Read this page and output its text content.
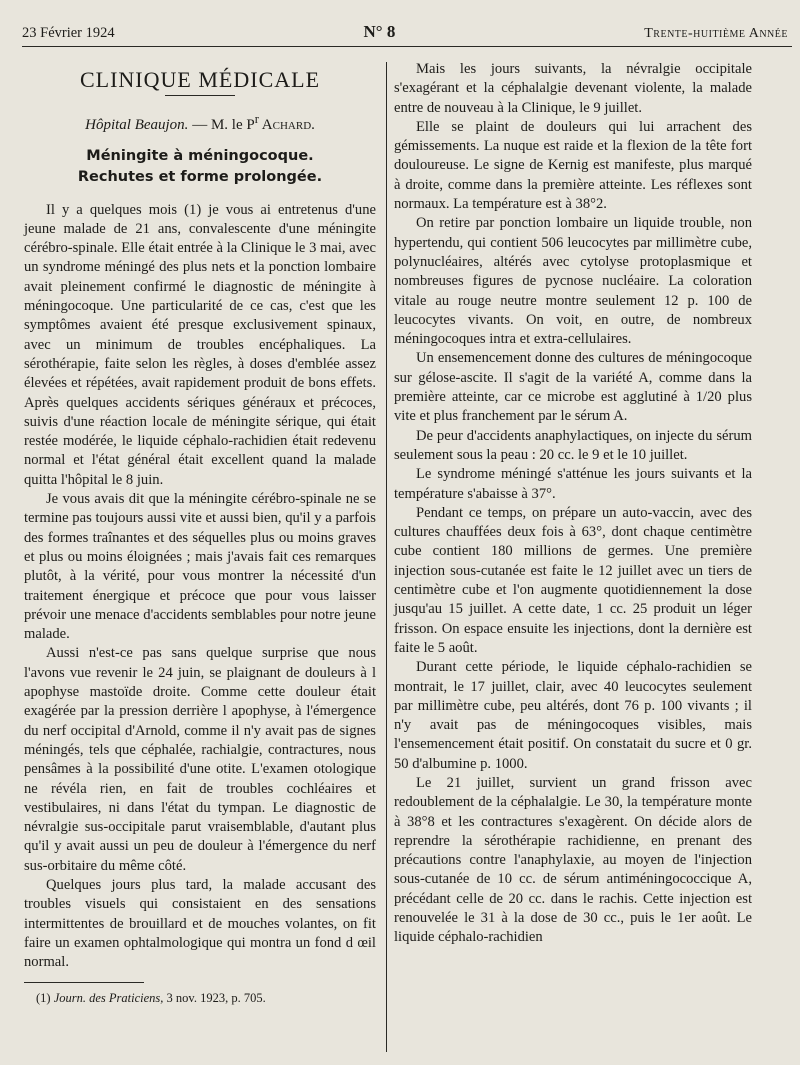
23 Février 1924	N° 8	Trente-huitième Année
CLINIQUE MÉDICALE
Hôpital Beaujon. — M. le $P^r$ Achard.
Méningite à méningocoque.
Rechutes et forme prolongée.

Il y a quelques mois (1) je vous ai entretenus d'une jeune malade de 21 ans, convalescente d'une méningite cérébro-spinale. Elle était entrée à la Clinique le 3 mai, avec un syndrome méningé des plus nets et la ponction lombaire avait pleinement confirmé le diagnostic de méningite à méningocoque. Une particularité de ce cas, c'est que les symptômes avaient été presque exclusivement spinaux, avec un minimum de troubles encéphaliques. La sérothérapie, faite selon les règles, à doses d'emblée assez élevées et répétées, avait rapidement produit de bons effets. Après quelques accidents sériques généraux et précoces, suivis d'une réaction locale de méningite sérique, qui était restée modérée, le liquide céphalo-rachidien était redevenu normal et l'état général était excellent quand la malade quitta l'hôpital le 8 juin.

Je vous avais dit que la méningite cérébro-spinale ne se termine pas toujours aussi vite et aussi bien, qu'il y a parfois des formes traînantes et des séquelles plus ou moins graves et plus ou moins éloignées ; mais j'avais fait ces remarques plutôt, à la vérité, pour vous montrer la nécessité d'un traitement énergique et précoce que pour vous laisser prévoir une menace d'accidents semblables pour notre jeune malade.

Aussi n'est-ce pas sans quelque surprise que nous l'avons vue revenir le 24 juin, se plaignant de douleurs à l apophyse mastoïde droite. Comme cette douleur était exagérée par la pression derrière l apophyse, à l'émergence du nerf occipital d'Arnold, comme il n'y avait pas de signes méningés, tels que céphalée, rachialgie, contractures, nous pensâmes à la possibilité d'une otite. L'examen otologique ne révéla rien, en fait de troubles cochléaires et vestibulaires, ni dans l'état du tympan. Le diagnostic de névralgie sus-occipitale parut vraisemblable, d'autant plus qu'il y avait aussi un peu de douleur à l'émergence du nerf sus-orbitaire du même côté.

Quelques jours plus tard, la malade accusant des troubles visuels qui consistaient en des sensations intermittentes de brouillard et de mouches volantes, on fit faire un examen ophtalmologique qui montra un fond d œil normal.

(1) Journ. des Praticiens, 3 nov. 1923, p. 705.

Mais les jours suivants, la névralgie occipitale s'exagérant et la céphalalgie devenant violente, la malade entre de nouveau à la Clinique, le 9 juillet.

Elle se plaint de douleurs qui lui arrachent des gémissements. La nuque est raide et la flexion de la tête fort douloureuse. Le signe de Kernig est manifeste, plus marqué à droite, comme dans la première atteinte. Les réflexes sont normaux. La température est à 38°2.

On retire par ponction lombaire un liquide trouble, non hypertendu, qui contient 506 leucocytes par millimètre cube, polynucléaires, altérés avec cytolyse protoplasmique et nombreuses figures de pycnose nucléaire. La coloration vitale au rouge neutre montre seulement 12 p. 100 de leucocytes vivants. On voit, en outre, de nombreux méningocoques intra et extra-cellulaires.

Un ensemencement donne des cultures de méningocoque sur gélose-ascite. Il s'agit de la variété A, comme dans la première atteinte, car ce microbe est agglutiné à 1/20 plus vite et plus franchement par le sérum A.

De peur d'accidents anaphylactiques, on injecte du sérum seulement sous la peau : 20 cc. le 9 et le 10 juillet.

Le syndrome méningé s'atténue les jours suivants et la température s'abaisse à 37°.

Pendant ce temps, on prépare un auto-vaccin, avec des cultures chauffées deux fois à 63°, dont chaque centimètre cube contient 180 millions de germes. Une première injection sous-cutanée est faite le 12 juillet avec un tiers de centimètre cube et l'on augmente quotidiennement la dose jusqu'au 15 juillet. A cette date, 1 cc. 25 produit un léger frisson. On espace ensuite les injections, dont la dernière est faite le 5 août.

Durant cette période, le liquide céphalo-rachidien se montrait, le 17 juillet, clair, avec 40 leucocytes seulement par millimètre cube, peu altérés, dont 76 p. 100 vivants ; il n'y avait pas de méningocoques visibles, mais l'ensemencement était positif. On constatait du sucre et 0 gr. 50 d'albumine p. 1000.

Le 21 juillet, survient un grand frisson avec redoublement de la céphalalgie. Le 30, la température monte à 38°8 et les contractures s'exagèrent. On décide alors de reprendre la sérothérapie rachidienne, en prenant des précautions contre l'anaphylaxie, au moyen de l'injection sous-cutanée de 10 cc. de sérum antiméningococcique A, précédant celle de 20 cc. dans le rachis. Cette injection est renouvelée le 31 à la dose de 30 cc., puis le 1er août. Le liquide céphalo-rachidien
